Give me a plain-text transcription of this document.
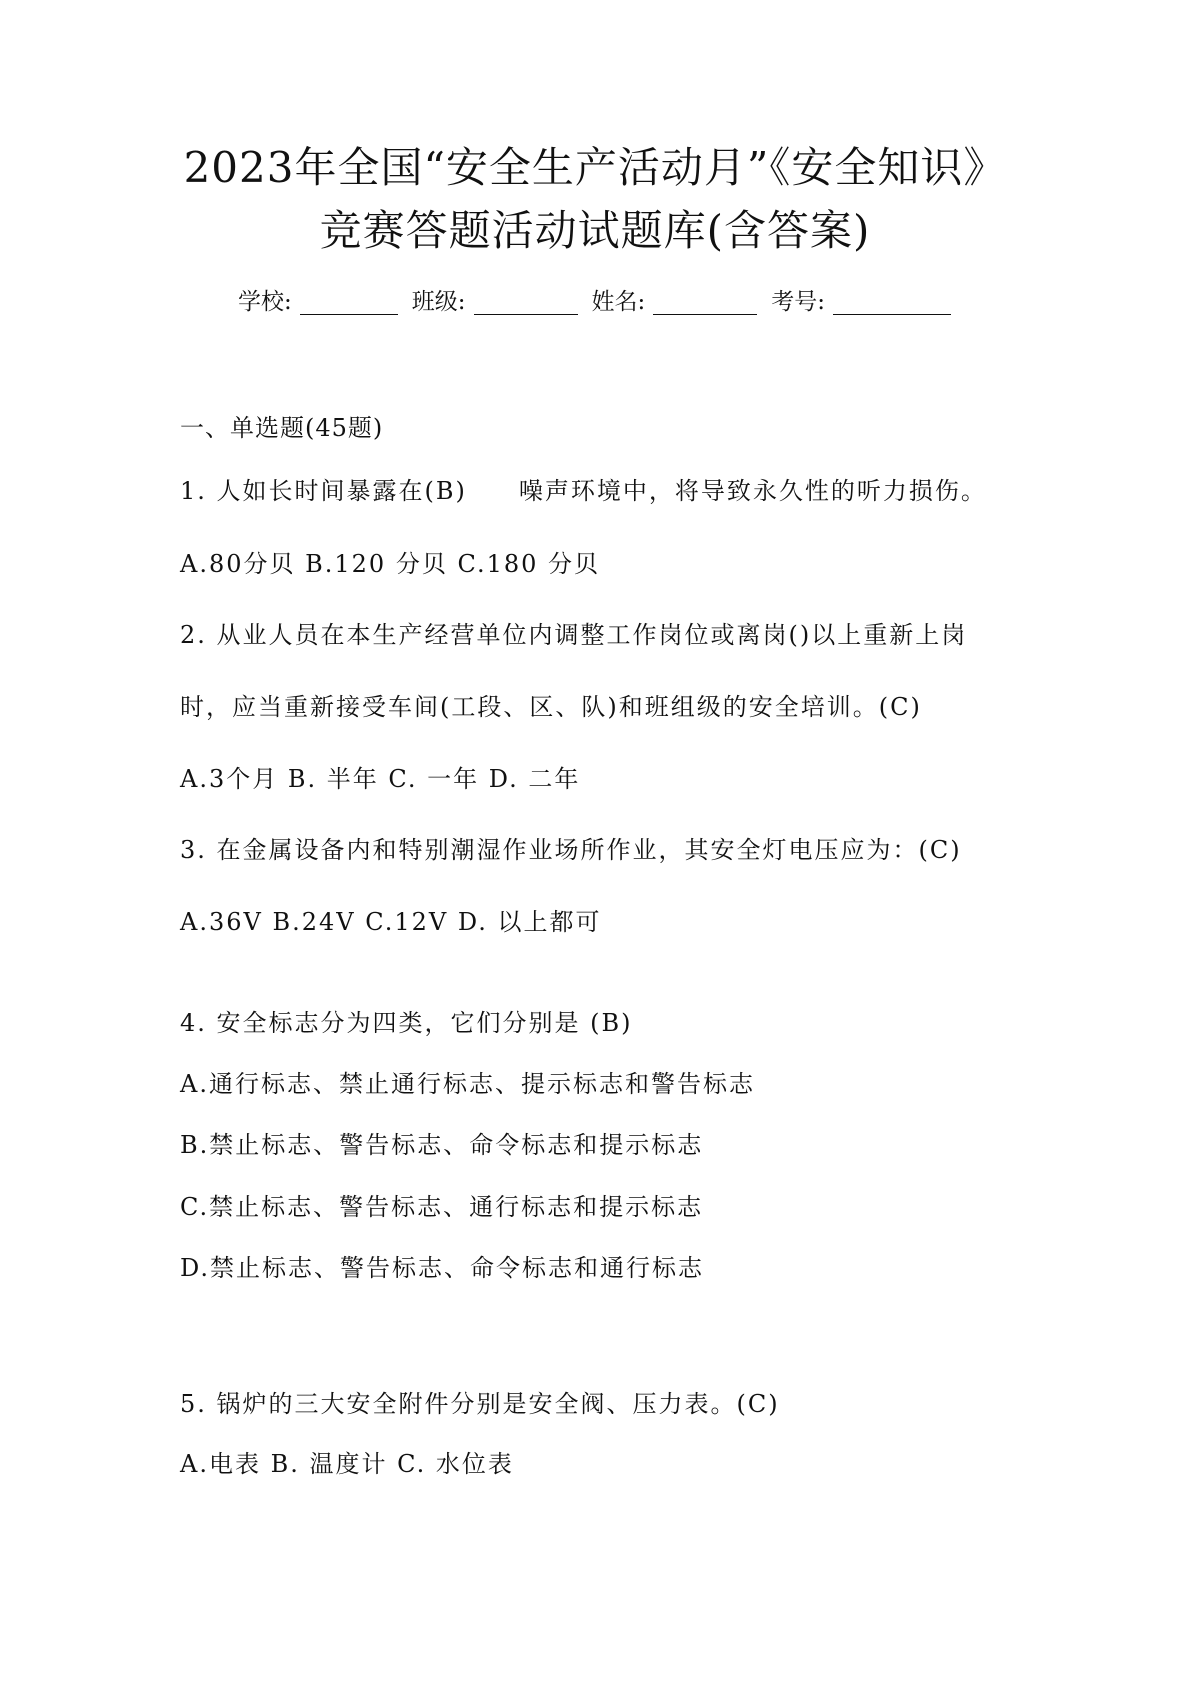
2023年全国“安全生产活动月”《安全知识》
竞赛答题活动试题库(含答案)
学校:	班级:	姓名:	考号:
一、单选题(45题)
1. 人如长时间暴露在(B)　　噪声环境中，将导致永久性的听力损伤。
A.80分贝 B.120 分贝 C.180 分贝
2. 从业人员在本生产经营单位内调整工作岗位或离岗()以上重新上岗
时，应当重新接受车间(工段、区、队)和班组级的安全培训。(C)
A.3个月 B. 半年 C. 一年 D. 二年
3. 在金属设备内和特别潮湿作业场所作业，其安全灯电压应为：(C)
A.36V B.24V C.12V D. 以上都可
4. 安全标志分为四类，它们分别是 (B)
A.通行标志、禁止通行标志、提示标志和警告标志
B.禁止标志、警告标志、命令标志和提示标志
C.禁止标志、警告标志、通行标志和提示标志
D.禁止标志、警告标志、命令标志和通行标志
5. 锅炉的三大安全附件分别是安全阀、压力表。(C)
A.电表 B. 温度计 C. 水位表
